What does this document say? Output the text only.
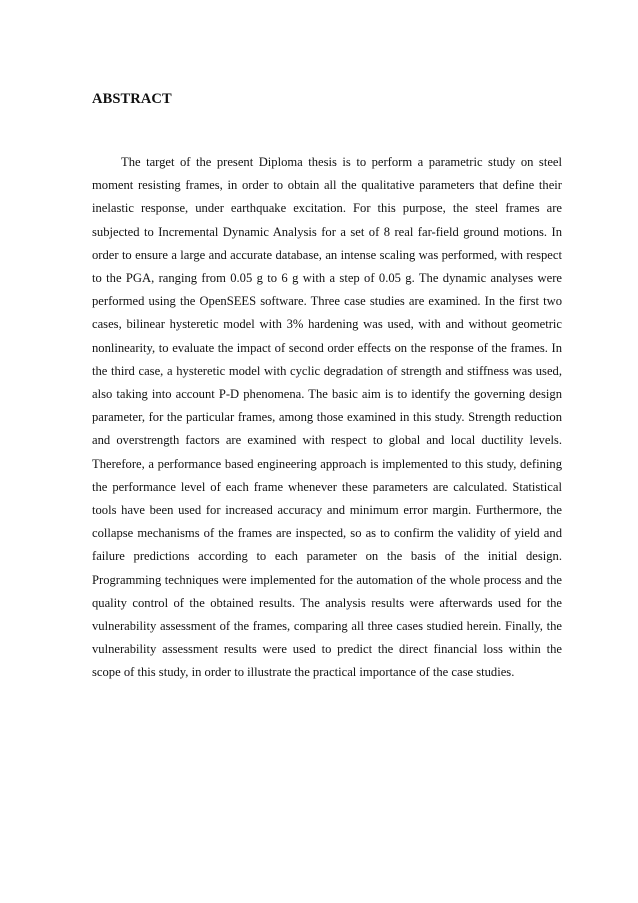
ABSTRACT

The target of the present Diploma thesis is to perform a parametric study on steel moment resisting frames, in order to obtain all the qualitative parameters that define their inelastic response, under earthquake excitation. For this purpose, the steel frames are subjected to Incremental Dynamic Analysis for a set of 8 real far-field ground motions. In order to ensure a large and accurate database, an intense scaling was performed, with respect to the PGA, ranging from 0.05 g to 6 g with a step of 0.05 g. The dynamic analyses were performed using the OpenSEES software. Three case studies are examined. In the first two cases, bilinear hysteretic model with 3% hardening was used, with and without geometric nonlinearity, to evaluate the impact of second order effects on the response of the frames. In the third case, a hysteretic model with cyclic degradation of strength and stiffness was used, also taking into account P-D phenomena. The basic aim is to identify the governing design parameter, for the particular frames, among those examined in this study. Strength reduction and overstrength factors are examined with respect to global and local ductility levels. Therefore, a performance based engineering approach is implemented to this study, defining the performance level of each frame whenever these parameters are calculated. Statistical tools have been used for increased accuracy and minimum error margin. Furthermore, the collapse mechanisms of the frames are inspected, so as to confirm the validity of yield and failure predictions according to each parameter on the basis of the initial design. Programming techniques were implemented for the automation of the whole process and the quality control of the obtained results. The analysis results were afterwards used for the vulnerability assessment of the frames, comparing all three cases studied herein. Finally, the vulnerability assessment results were used to predict the direct financial loss within the scope of this study, in order to illustrate the practical importance of the case studies.
